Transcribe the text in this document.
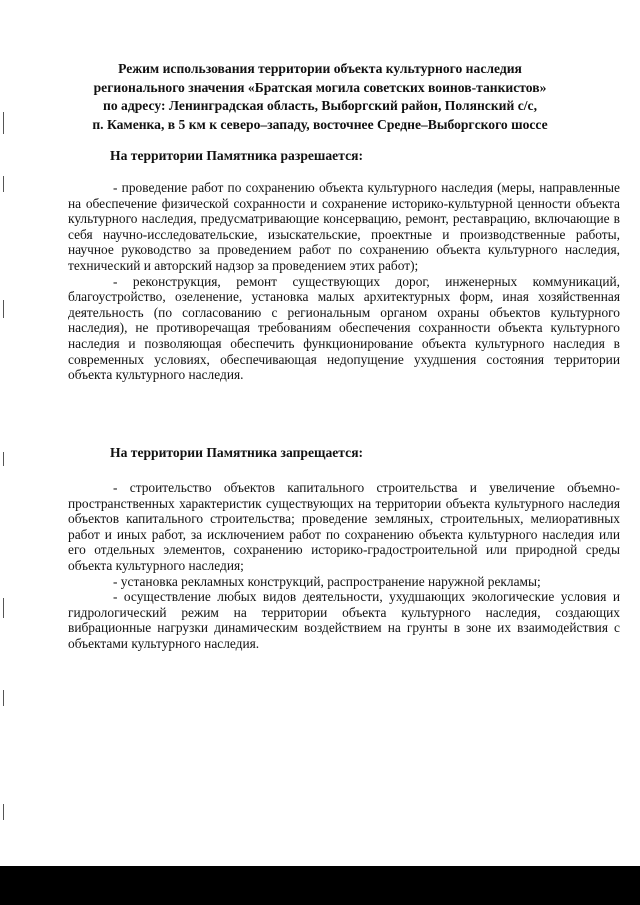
Режим использования территории объекта культурного наследия
регионального значения «Братская могила советских воинов-танкистов»
по адресу: Ленинградская область, Выборгский район, Полянский с/с,
п. Каменка, в 5 км к северо–западу, восточнее Средне–Выборгского шоссе
На территории Памятника разрешается:

- проведение работ по сохранению объекта культурного наследия (меры, направленные на обеспечение физической сохранности и сохранение историко-культурной ценности объекта культурного наследия, предусматривающие консервацию, ремонт, реставрацию, включающие в себя научно-исследовательские, изыскательские, проектные и производственные работы, научное руководство за проведением работ по сохранению объекта культурного наследия, технический и авторский надзор за проведением этих работ);

- реконструкция, ремонт существующих дорог, инженерных коммуникаций, благоустройство, озеленение, установка малых архитектурных форм, иная хозяйственная деятельность (по согласованию с региональным органом охраны объектов культурного наследия), не противоречащая требованиям обеспечения сохранности объекта культурного наследия и позволяющая обеспечить функционирование объекта культурного наследия в современных условиях, обеспечивающая недопущение ухудшения состояния территории объекта культурного наследия.

На территории Памятника запрещается:

- строительство объектов капитального строительства и увеличение объемно-пространственных характеристик существующих на территории объекта культурного наследия объектов капитального строительства; проведение земляных, строительных, мелиоративных работ и иных работ, за исключением работ по сохранению объекта культурного наследия или его отдельных элементов, сохранению историко-градостроительной или природной среды объекта культурного наследия;

- установка рекламных конструкций, распространение наружной рекламы;

- осуществление любых видов деятельности, ухудшающих экологические условия и гидрологический режим на территории объекта культурного наследия, создающих вибрационные нагрузки динамическим воздействием на грунты в зоне их взаимодействия с объектами культурного наследия.
